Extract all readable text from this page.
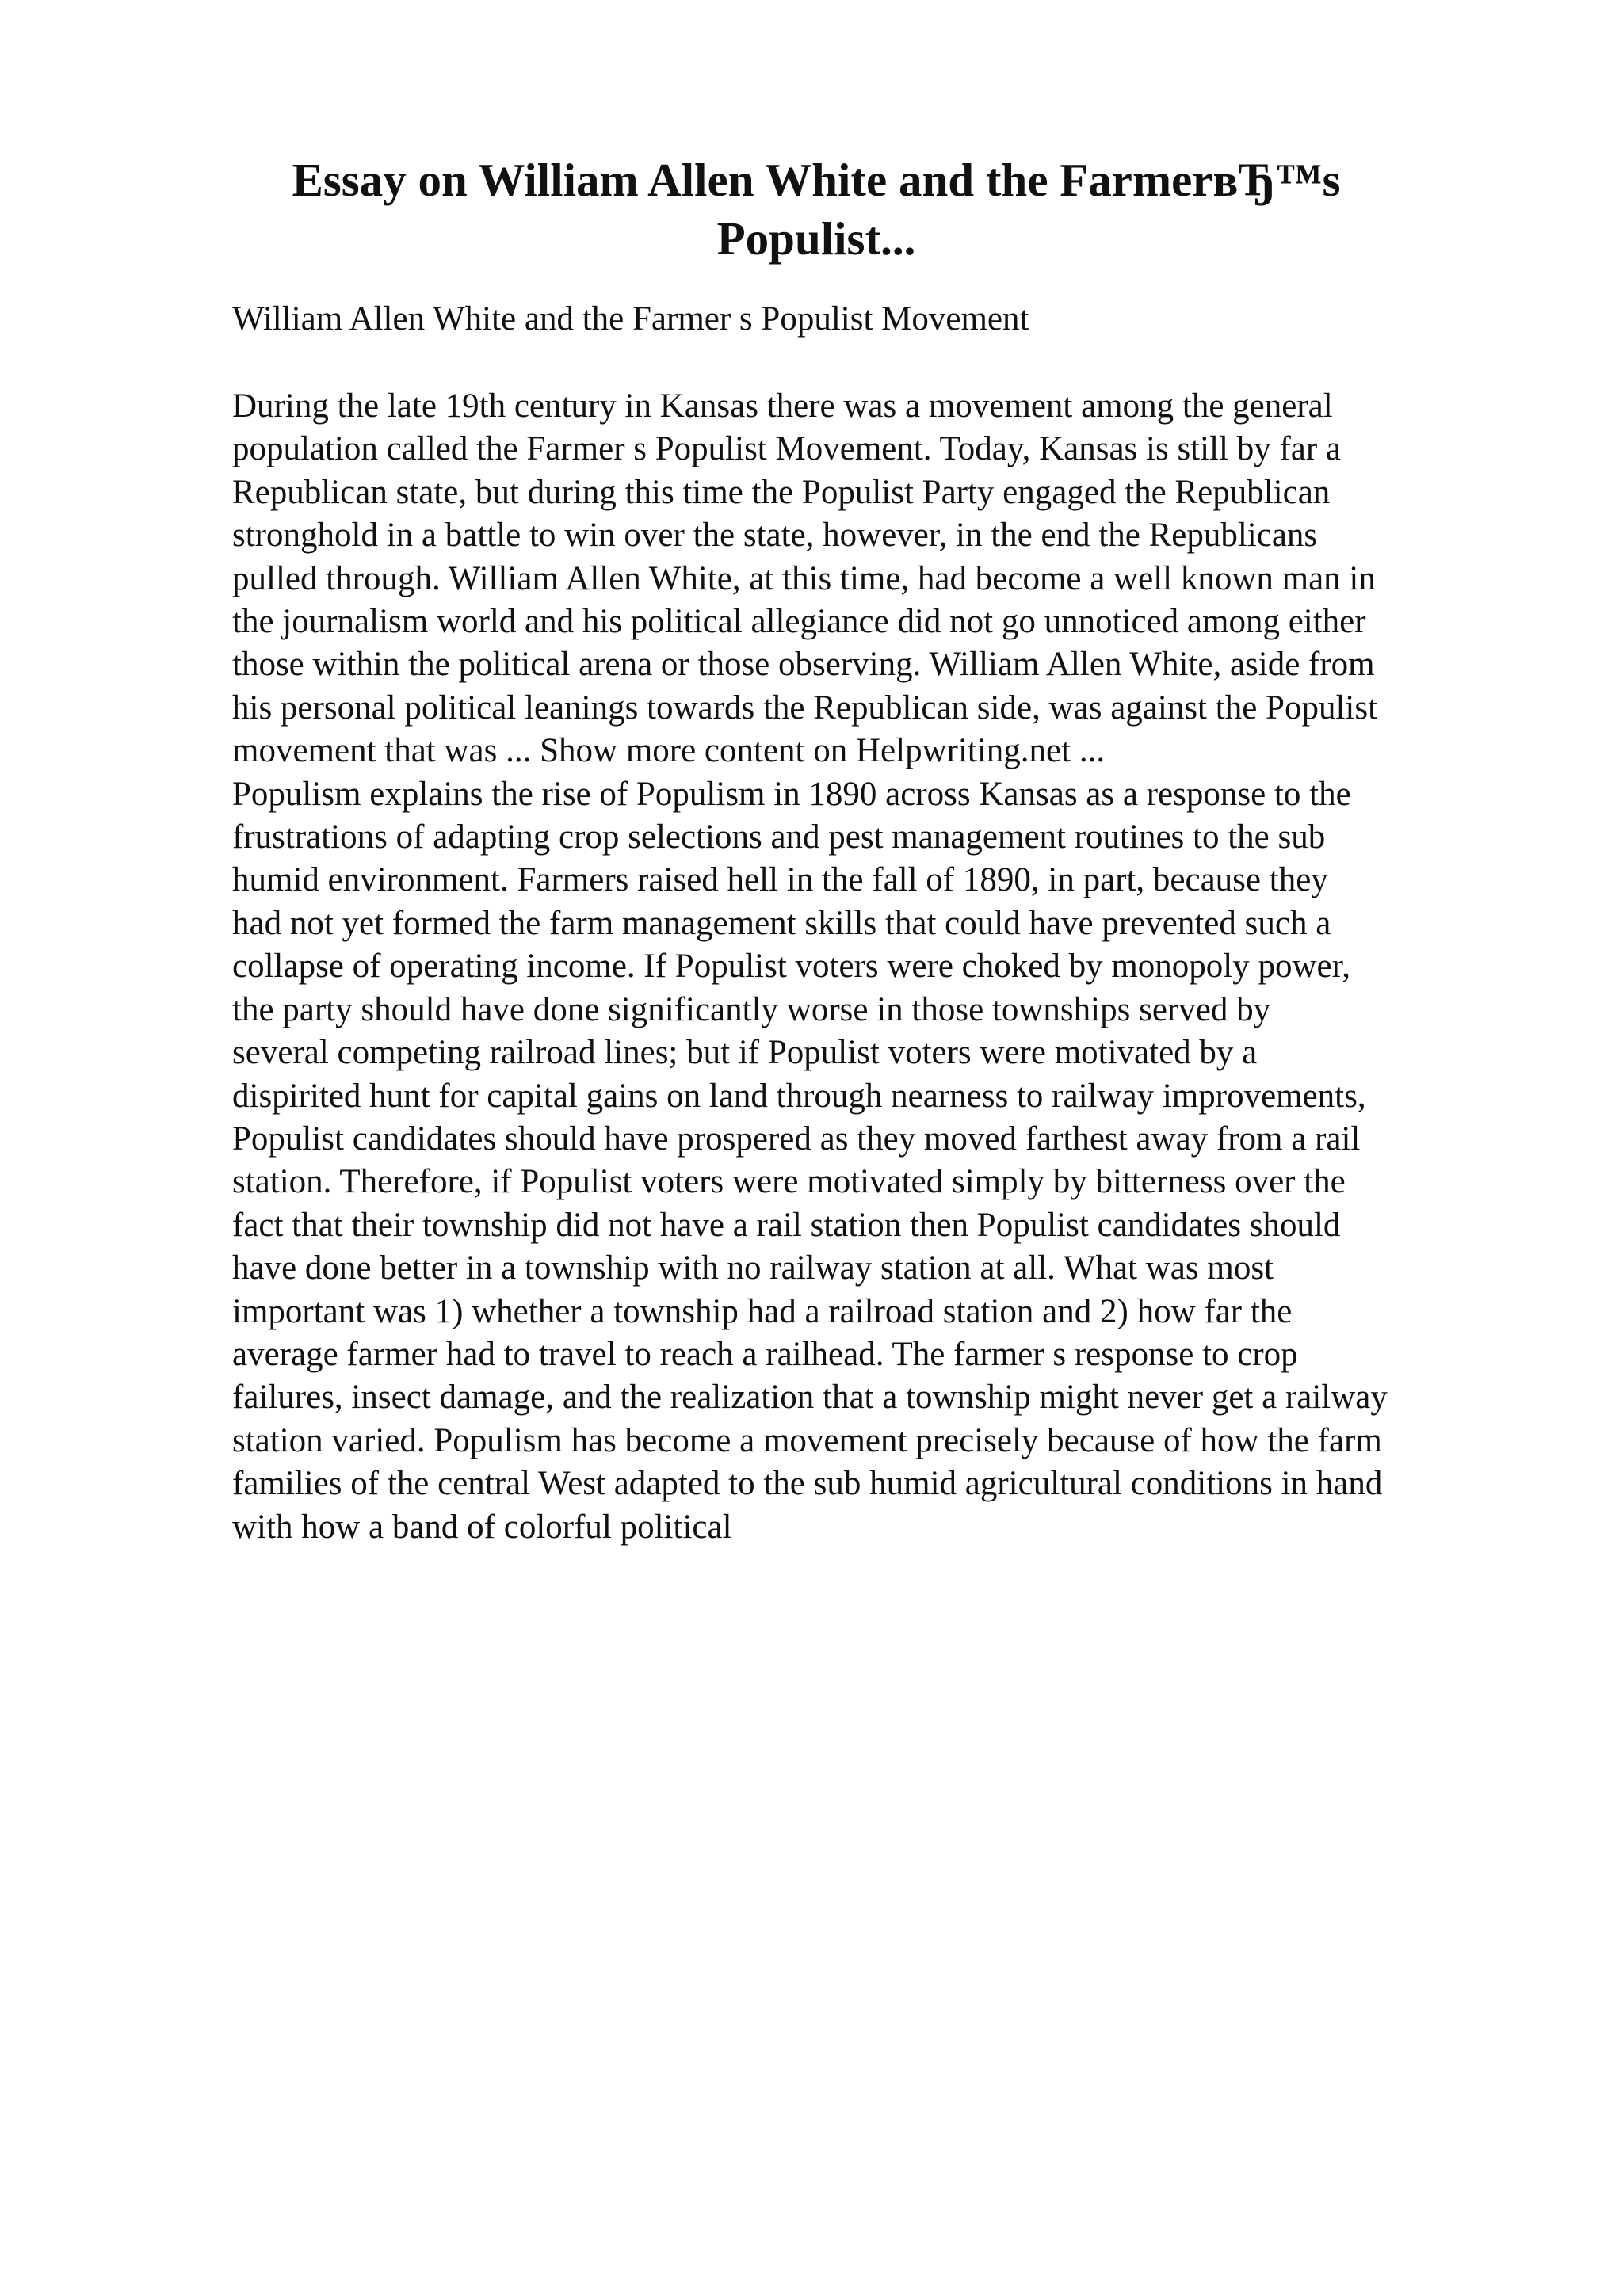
Essay on William Allen White and the FarmerвЂ™s
Populist...

William Allen White and the Farmer s Populist Movement

During the late 19th century in Kansas there was a movement among the general
population called the Farmer s Populist Movement. Today, Kansas is still by far a
Republican state, but during this time the Populist Party engaged the Republican
stronghold in a battle to win over the state, however, in the end the Republicans
pulled through. William Allen White, at this time, had become a well known man in
the journalism world and his political allegiance did not go unnoticed among either
those within the political arena or those observing. William Allen White, aside from
his personal political leanings towards the Republican side, was against the Populist
movement that was ... Show more content on Helpwriting.net ...
Populism explains the rise of Populism in 1890 across Kansas as a response to the
frustrations of adapting crop selections and pest management routines to the sub
humid environment. Farmers raised hell in the fall of 1890, in part, because they
had not yet formed the farm management skills that could have prevented such a
collapse of operating income. If Populist voters were choked by monopoly power,
the party should have done significantly worse in those townships served by
several competing railroad lines; but if Populist voters were motivated by a
dispirited hunt for capital gains on land through nearness to railway improvements,
Populist candidates should have prospered as they moved farthest away from a rail
station. Therefore, if Populist voters were motivated simply by bitterness over the
fact that their township did not have a rail station then Populist candidates should
have done better in a township with no railway station at all. What was most
important was 1) whether a township had a railroad station and 2) how far the
average farmer had to travel to reach a railhead. The farmer s response to crop
failures, insect damage, and the realization that a township might never get a railway
station varied. Populism has become a movement precisely because of how the farm
families of the central West adapted to the sub humid agricultural conditions in hand
with how a band of colorful political
